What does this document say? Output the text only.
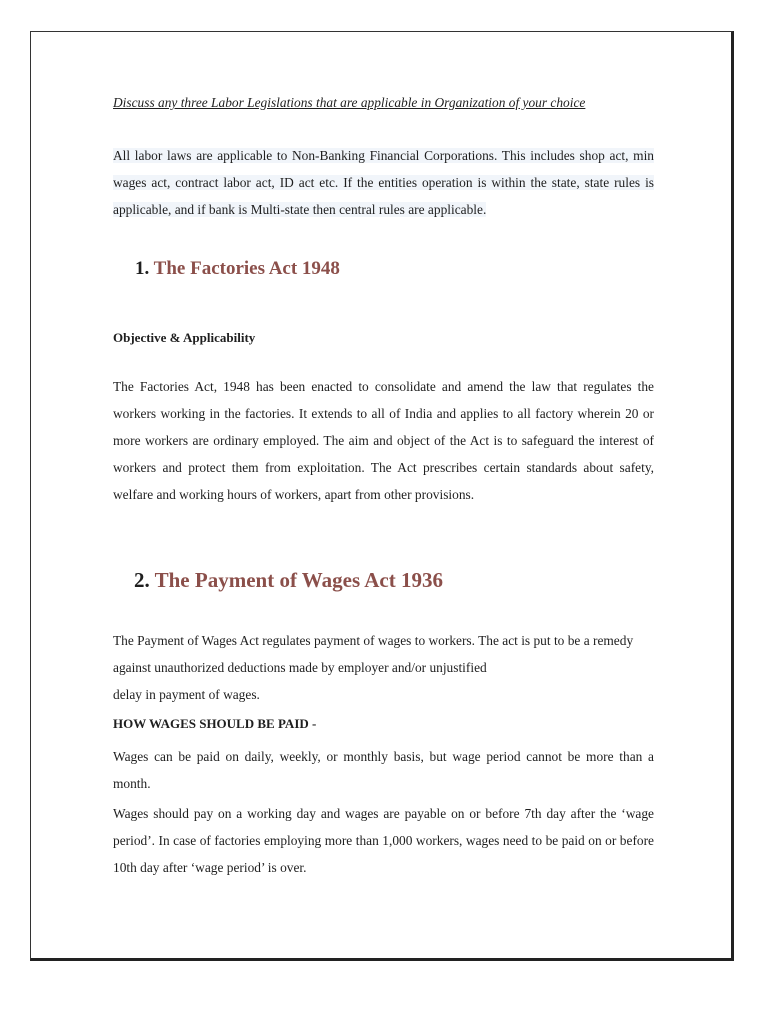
Discuss any three Labor Legislations that are applicable in Organization of your choice

All labor laws are applicable to Non-Banking Financial Corporations. This includes shop act, min wages act, contract labor act, ID act etc. If the entities operation is within the state, state rules is applicable, and if bank is Multi-state then central rules are applicable.

1. The Factories Act 1948

Objective & Applicability

The Factories Act, 1948 has been enacted to consolidate and amend the law that regulates the workers working in the factories. It extends to all of India and applies to all factory wherein 20 or more workers are ordinary employed. The aim and object of the Act is to safeguard the interest of workers and protect them from exploitation. The Act prescribes certain standards about safety, welfare and working hours of workers, apart from other provisions.

2. The Payment of Wages Act 1936

The Payment of Wages Act regulates payment of wages to workers. The act is put to be a remedy against unauthorized deductions made by employer and/or unjustified

delay in payment of wages.

HOW WAGES SHOULD BE PAID -

Wages can be paid on daily, weekly, or monthly basis, but wage period cannot be more than a month.

Wages should pay on a working day and wages are payable on or before 7th day after the ‘wage period’. In case of factories employing more than 1,000 workers, wages need to be paid on or before 10th day after ‘wage period’ is over.
